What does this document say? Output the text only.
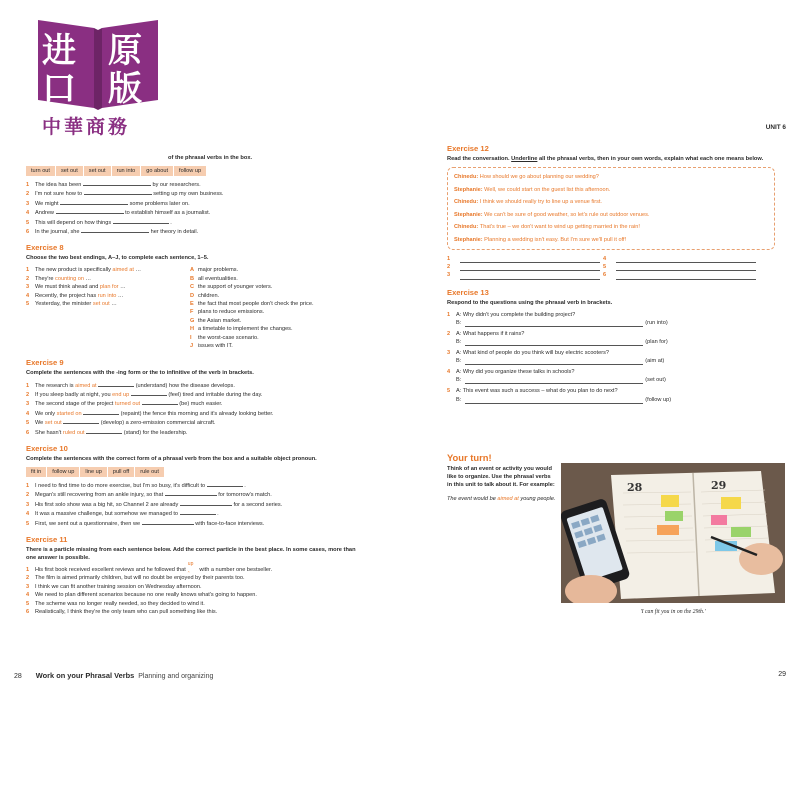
进 原
口 版
中華商務
of the phrasal verbs in the box.
turn out	set out	set out	run into	go about	follow up
1 The idea has been	by our researchers.
2 I'm not sure how to	setting up my own business.
3 We might	some problems later on.
4 Andrew	to establish himself as a journalist.
5 This will depend on how things	.
6 In the journal, she	her theory in detail.
Exercise 8
Choose the two best endings, A–J, to complete each sentence, 1–5.
1 The new product is specifically aimed at …
2 They're counting on …
3 We must think ahead and plan for …
4 Recently, the project has run into …
5 Yesterday, the minister set out …
A major problems.
B all eventualities.
C the support of younger voters.
D children.
E the fact that most people don't check the price.
F plans to reduce emissions.
G the Asian market.
H a timetable to implement the changes.
I the worst-case scenario.
J issues with IT.
Exercise 9
Complete the sentences with the -ing form or the to infinitive of the verb in brackets.
1 The research is aimed at	(understand) how the disease develops.
2 If you sleep badly at night, you end up	(feel) tired and irritable during the day.
3 The second stage of the project turned out	(be) much easier.
4 We only started on	(repaint) the fence this morning and it's already looking better.
5 We set out	(develop) a zero-emission commercial aircraft.
6 She hasn't ruled out	(stand) for the leadership.
Exercise 10
Complete the sentences with the correct form of a phrasal verb from the box and a suitable object pronoun.
fit in	follow up	line up	pull off	rule out
1 I need to find time to do more exercise, but I'm so busy, it's difficult to	.
2 Megan's still recovering from an ankle injury, so that	for tomorrow's match.
3 His first solo show was a big hit, so Channel 2 are already	for a second series.
4 It was a massive challenge, but somehow we managed to	.
5 First, we sent out a questionnaire, then we	with face-to-face interviews.
Exercise 11
There is a particle missing from each sentence below. Add the correct particle in the best place. In some cases, more than one answer is possible.
1 His first book received excellent reviews and he followed that
up
‸ with a number one bestseller.
2 The film is aimed primarily children, but will no doubt be enjoyed by their parents too.
3 I think we can fit another training session on Wednesday afternoon.
4 We need to plan different scenarios because no one really knows what's going to happen.
5 The scheme was no longer really needed, so they decided to wind it.
6 Realistically, I think they're the only team who can pull something like this.
UNIT 6
Exercise 12
Read the conversation. Underline all the phrasal verbs, then in your own words, explain what each one means below.
Chinedu: How should we go about planning our wedding?
Stephanie: Well, we could start on the guest list this afternoon.
Chinedu: I think we should really try to line up a venue first.
Stephanie: We can't be sure of good weather, so let's rule out outdoor venues.
Chinedu: That's true – we don't want to wind up getting married in the rain!
Stephanie: Planning a wedding isn't easy. But I'm sure we'll pull it off!
1
2
3
4
5
6
Exercise 13
Respond to the questions using the phrasal verb in brackets.
1 A: Why didn't you complete the building project?
B:	(run into)
2 A: What happens if it rains?
B:	(plan for)
3 A: What kind of people do you think will buy electric scooters?
B:	(aim at)
4 A: Why did you organize these talks in schools?
B:	(set out)
5 A: This event was such a success – what do you plan to do next?
B:	(follow up)
Your turn!
Think of an event or activity you would like to organize. Use the phrasal verbs in this unit to talk about it. For example:
The event would be aimed at young people.
28	29
'I can fit you in on the 29th.'
28 Work on your Phrasal Verbs Planning and organizing	29
